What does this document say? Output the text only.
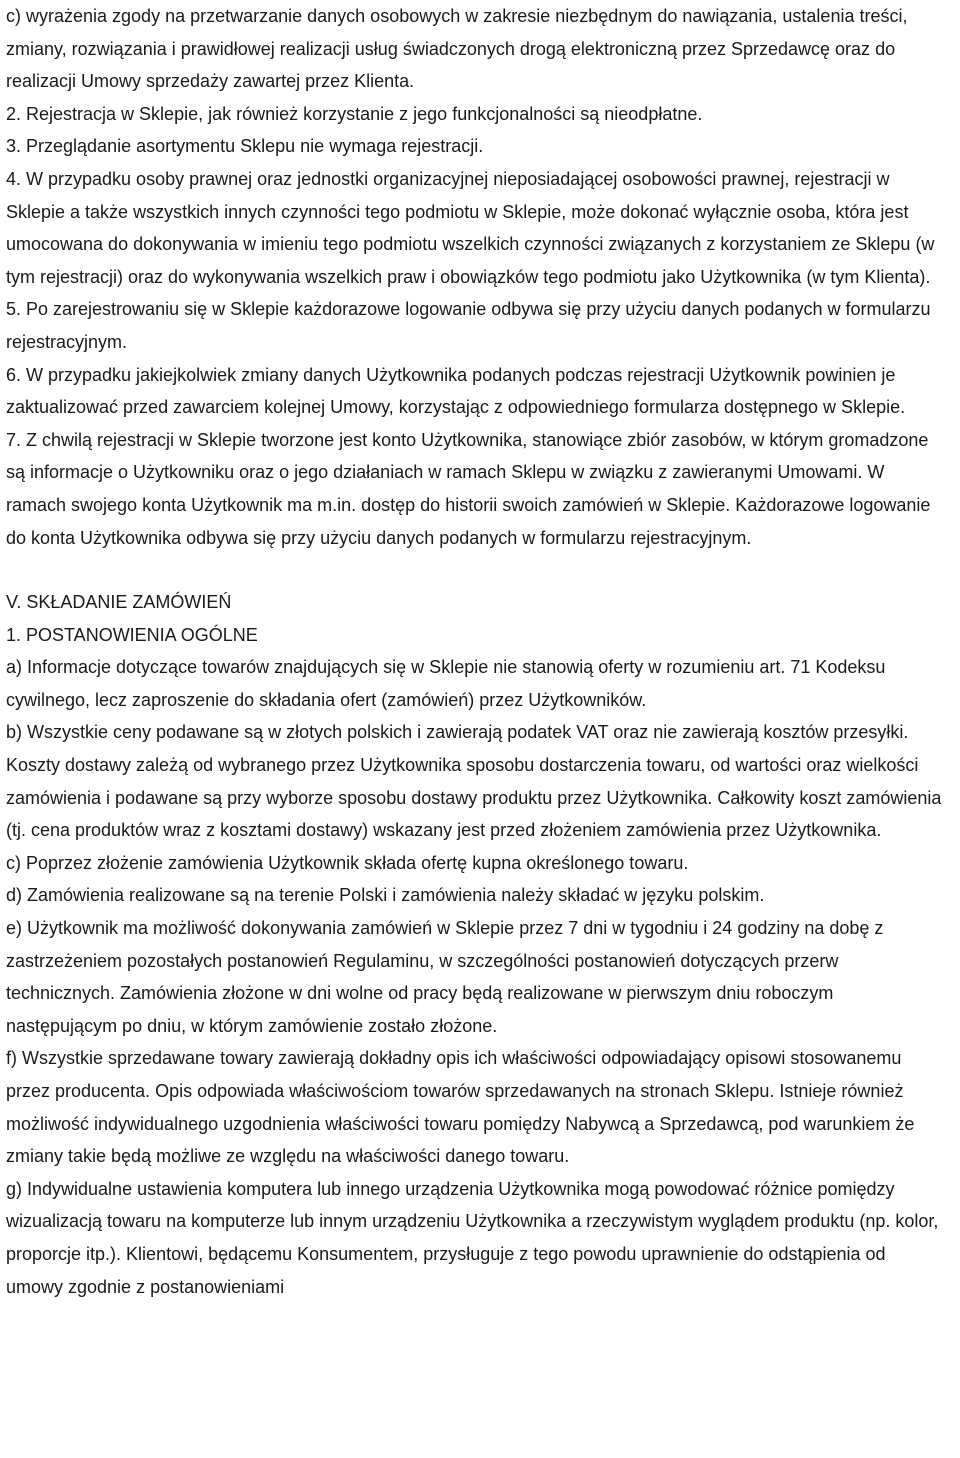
c) wyrażenia zgody na przetwarzanie danych osobowych w zakresie niezbędnym do nawiązania, ustalenia treści, zmiany, rozwiązania i prawidłowej realizacji usług świadczonych drogą elektroniczną przez Sprzedawcę oraz do realizacji Umowy sprzedaży zawartej przez Klienta.

2. Rejestracja w Sklepie, jak również korzystanie z jego funkcjonalności są nieodpłatne.

3. Przeglądanie asortymentu Sklepu nie wymaga rejestracji.

4. W przypadku osoby prawnej oraz jednostki organizacyjnej nieposiadającej osobowości prawnej, rejestracji w Sklepie a także wszystkich innych czynności tego podmiotu w Sklepie, może dokonać wyłącznie osoba, która jest umocowana do dokonywania w imieniu tego podmiotu wszelkich czynności związanych z korzystaniem ze Sklepu (w tym rejestracji) oraz do wykonywania wszelkich praw i obowiązków tego podmiotu jako Użytkownika (w tym Klienta).

5. Po zarejestrowaniu się w Sklepie każdorazowe logowanie odbywa się przy użyciu danych podanych w formularzu rejestracyjnym.

6. W przypadku jakiejkolwiek zmiany danych Użytkownika podanych podczas rejestracji Użytkownik powinien je zaktualizować przed zawarciem kolejnej Umowy, korzystając z odpowiedniego formularza dostępnego w Sklepie.

7. Z chwilą rejestracji w Sklepie tworzone jest konto Użytkownika, stanowiące zbiór zasobów, w którym gromadzone są informacje o Użytkowniku oraz o jego działaniach w ramach Sklepu w związku z zawieranymi Umowami. W ramach swojego konta Użytkownik ma m.in. dostęp do historii swoich zamówień w Sklepie. Każdorazowe logowanie do konta Użytkownika odbywa się przy użyciu danych podanych w formularzu rejestracyjnym.

V. SKŁADANIE ZAMÓWIEŃ

1. POSTANOWIENIA OGÓLNE

a) Informacje dotyczące towarów znajdujących się w Sklepie nie stanowią oferty w rozumieniu art. 71 Kodeksu cywilnego, lecz zaproszenie do składania ofert (zamówień) przez Użytkowników.

b) Wszystkie ceny podawane są w złotych polskich i zawierają podatek VAT oraz nie zawierają kosztów przesyłki. Koszty dostawy zależą od wybranego przez Użytkownika sposobu dostarczenia towaru, od wartości oraz wielkości zamówienia i podawane są przy wyborze sposobu dostawy produktu przez Użytkownika. Całkowity koszt zamówienia (tj. cena produktów wraz z kosztami dostawy) wskazany jest przed złożeniem zamówienia przez Użytkownika.

c) Poprzez złożenie zamówienia Użytkownik składa ofertę kupna określonego towaru.

d) Zamówienia realizowane są na terenie Polski i zamówienia należy składać w języku polskim.

e) Użytkownik ma możliwość dokonywania zamówień w Sklepie przez 7 dni w tygodniu i 24 godziny na dobę z zastrzeżeniem pozostałych postanowień Regulaminu, w szczególności postanowień dotyczących przerw technicznych. Zamówienia złożone w dni wolne od pracy będą realizowane w pierwszym dniu roboczym następującym po dniu, w którym zamówienie zostało złożone.

f) Wszystkie sprzedawane towary zawierają dokładny opis ich właściwości odpowiadający opisowi stosowanemu przez producenta. Opis odpowiada właściwościom towarów sprzedawanych na stronach Sklepu. Istnieje również możliwość indywidualnego uzgodnienia właściwości towaru pomiędzy Nabywcą a Sprzedawcą, pod warunkiem że zmiany takie będą możliwe ze względu na właściwości danego towaru.

g) Indywidualne ustawienia komputera lub innego urządzenia Użytkownika mogą powodować różnice pomiędzy wizualizacją towaru na komputerze lub innym urządzeniu Użytkownika a rzeczywistym wyglądem produktu (np. kolor, proporcje itp.). Klientowi, będącemu Konsumentem, przysługuje z tego powodu uprawnienie do odstąpienia od umowy zgodnie z postanowieniami
